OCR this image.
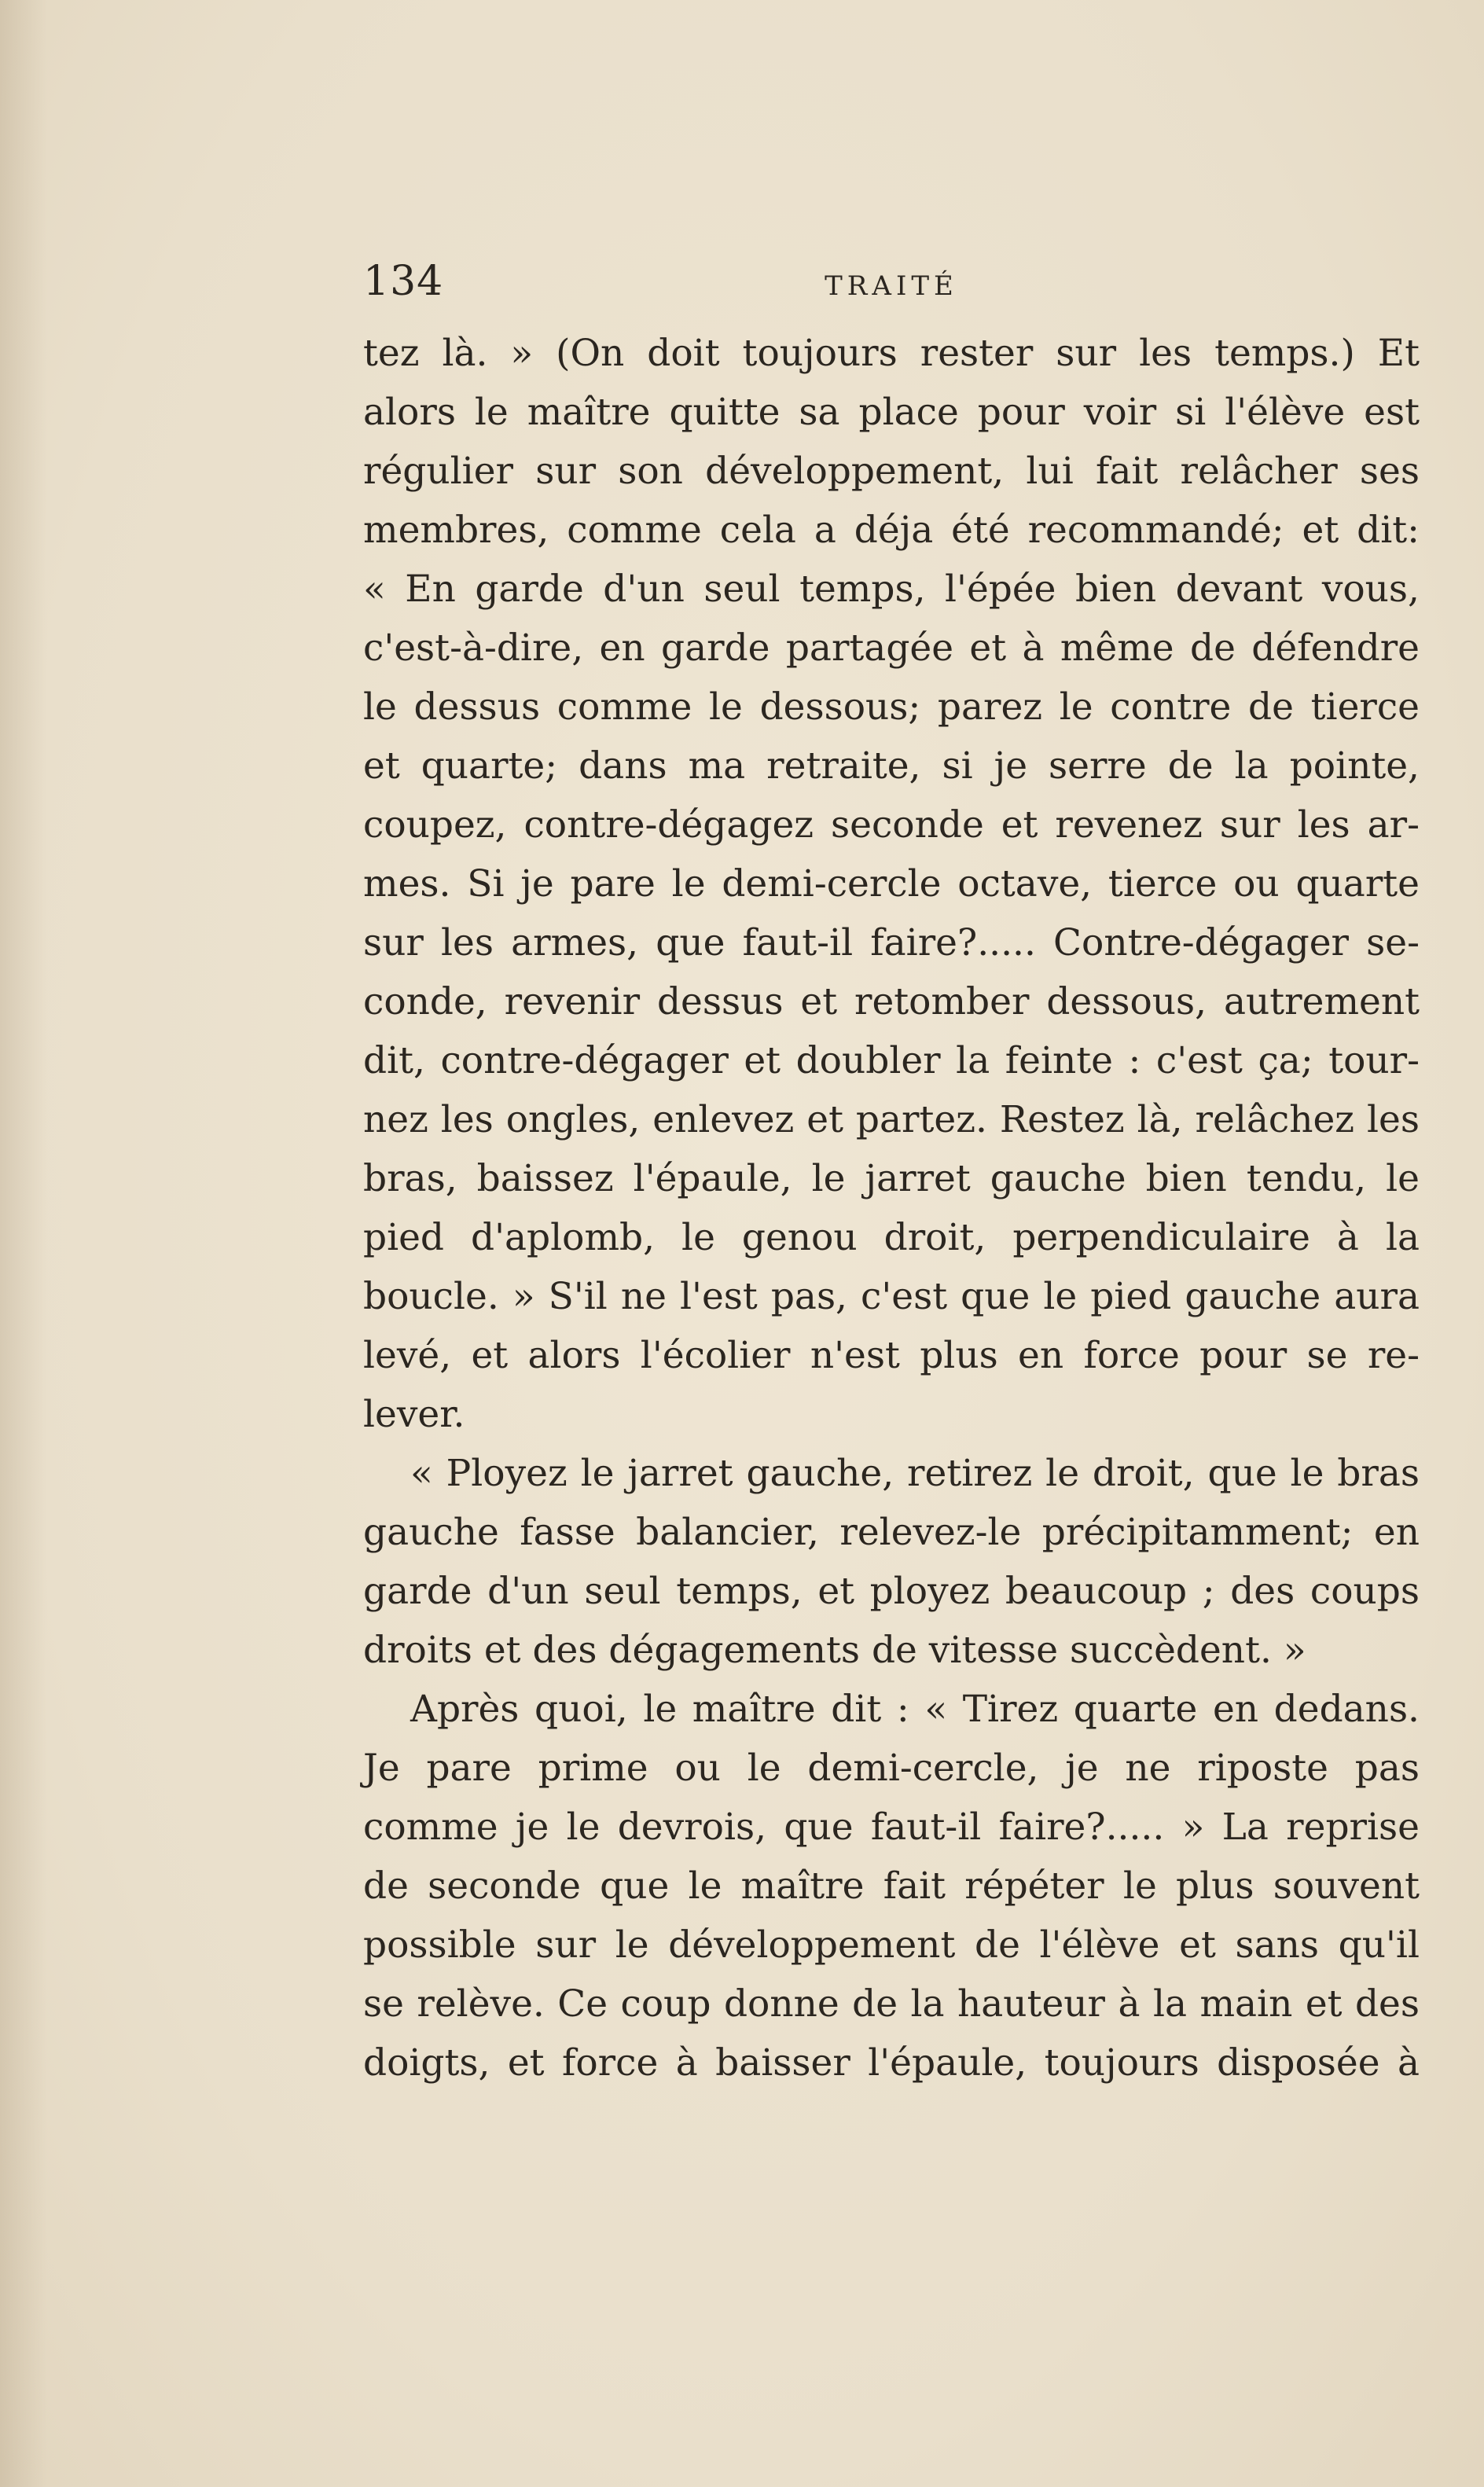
134	TRAITÉ
tez là. » (On doit toujours rester sur les temps.) Et
alors le maître quitte sa place pour voir si l'élève est
régulier sur son développement, lui fait relâcher ses
membres, comme cela a déja été recommandé; et dit:
« En garde d'un seul temps, l'épée bien devant vous,
c'est-à-dire, en garde partagée et à même de défendre
le dessus comme le dessous; parez le contre de tierce
et quarte; dans ma retraite, si je serre de la pointe,
coupez, contre-dégagez seconde et revenez sur les ar-
mes. Si je pare le demi-cercle octave, tierce ou quarte
sur les armes, que faut-il faire?..... Contre-dégager se-
conde, revenir dessus et retomber dessous, autrement
dit, contre-dégager et doubler la feinte : c'est ça; tour-
nez les ongles, enlevez et partez. Restez là, relâchez les
bras, baissez l'épaule, le jarret gauche bien tendu, le
pied d'aplomb, le genou droit, perpendiculaire à la
boucle. » S'il ne l'est pas, c'est que le pied gauche aura
levé, et alors l'écolier n'est plus en force pour se re-
lever.
« Ployez le jarret gauche, retirez le droit, que le bras
gauche fasse balancier, relevez-le précipitamment; en
garde d'un seul temps, et ployez beaucoup ; des coups
droits et des dégagements de vitesse succèdent. »
Après quoi, le maître dit : « Tirez quarte en dedans.
Je pare prime ou le demi-cercle, je ne riposte pas
comme je le devrois, que faut-il faire?..... » La reprise
de seconde que le maître fait répéter le plus souvent
possible sur le développement de l'élève et sans qu'il
se relève. Ce coup donne de la hauteur à la main et des
doigts, et force à baisser l'épaule, toujours disposée à
